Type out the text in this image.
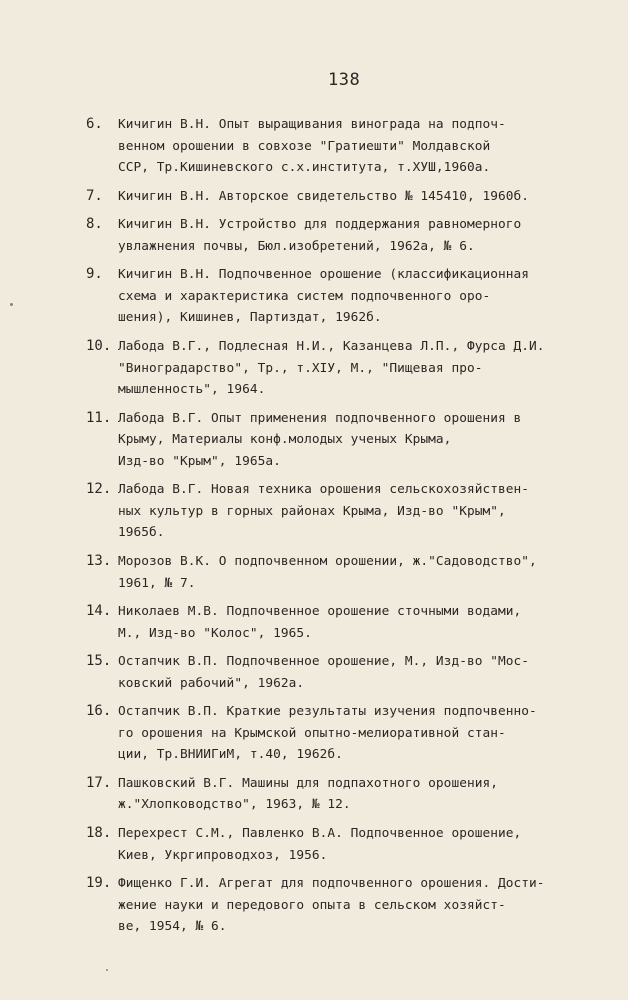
138
6.	Кичигин В.Н. Опыт выращивания винограда на подпоч-
венном орошении в совхозе "Гратиешти" Молдавской
ССР, Тр.Кишиневского с.х.института, т.ХУШ,1960а.
7.	Кичигин В.Н. Авторское свидетельство № 145410, 1960б.
8.	Кичигин В.Н. Устройство для поддержания равномерного
увлажнения почвы, Бюл.изобретений, 1962а, № 6.
9.	Кичигин В.Н. Подпочвенное орошение (классификационная
схема и характеристика систем подпочвенного оро-
шения), Кишинев, Партиздат, 1962б.
10. Лабода В.Г., Подлесная Н.И., Казанцева Л.П., Фурса Д.И.
"Виноградарство", Тр., т.ХIУ, М., "Пищевая про-
мышленность", 1964.
11. Лабода В.Г. Опыт применения подпочвенного орошения в
Крыму, Материалы конф.молодых ученых Крыма,
Изд-во "Крым", 1965а.
12. Лабода В.Г. Новая техника орошения сельскохозяйствен-
ных культур в горных районах Крыма, Изд-во "Крым",
1965б.
13. Морозов В.К. О подпочвенном орошении, ж."Садоводство",
1961, № 7.
14. Николаев М.В. Подпочвенное орошение сточными водами,
М., Изд-во "Колос", 1965.
15. Остапчик В.П. Подпочвенное орошение, М., Изд-во "Мос-
ковский рабочий", 1962а.
16. Остапчик В.П. Краткие результаты изучения подпочвенно-
го орошения на Крымской опытно-мелиоративной стан-
ции, Тр.ВНИИГиМ, т.40, 1962б.
17. Пашковский В.Г. Машины для подпахотного орошения,
ж."Хлопководство", 1963, № 12.
18. Перехрест С.М., Павленко В.А. Подпочвенное орошение,
Киев, Укргипроводхоз, 1956.
19. Фищенко Г.И. Агрегат для подпочвенного орошения. Дости-
жение науки и передового опыта в сельском хозяйст-
ве, 1954, № 6.
